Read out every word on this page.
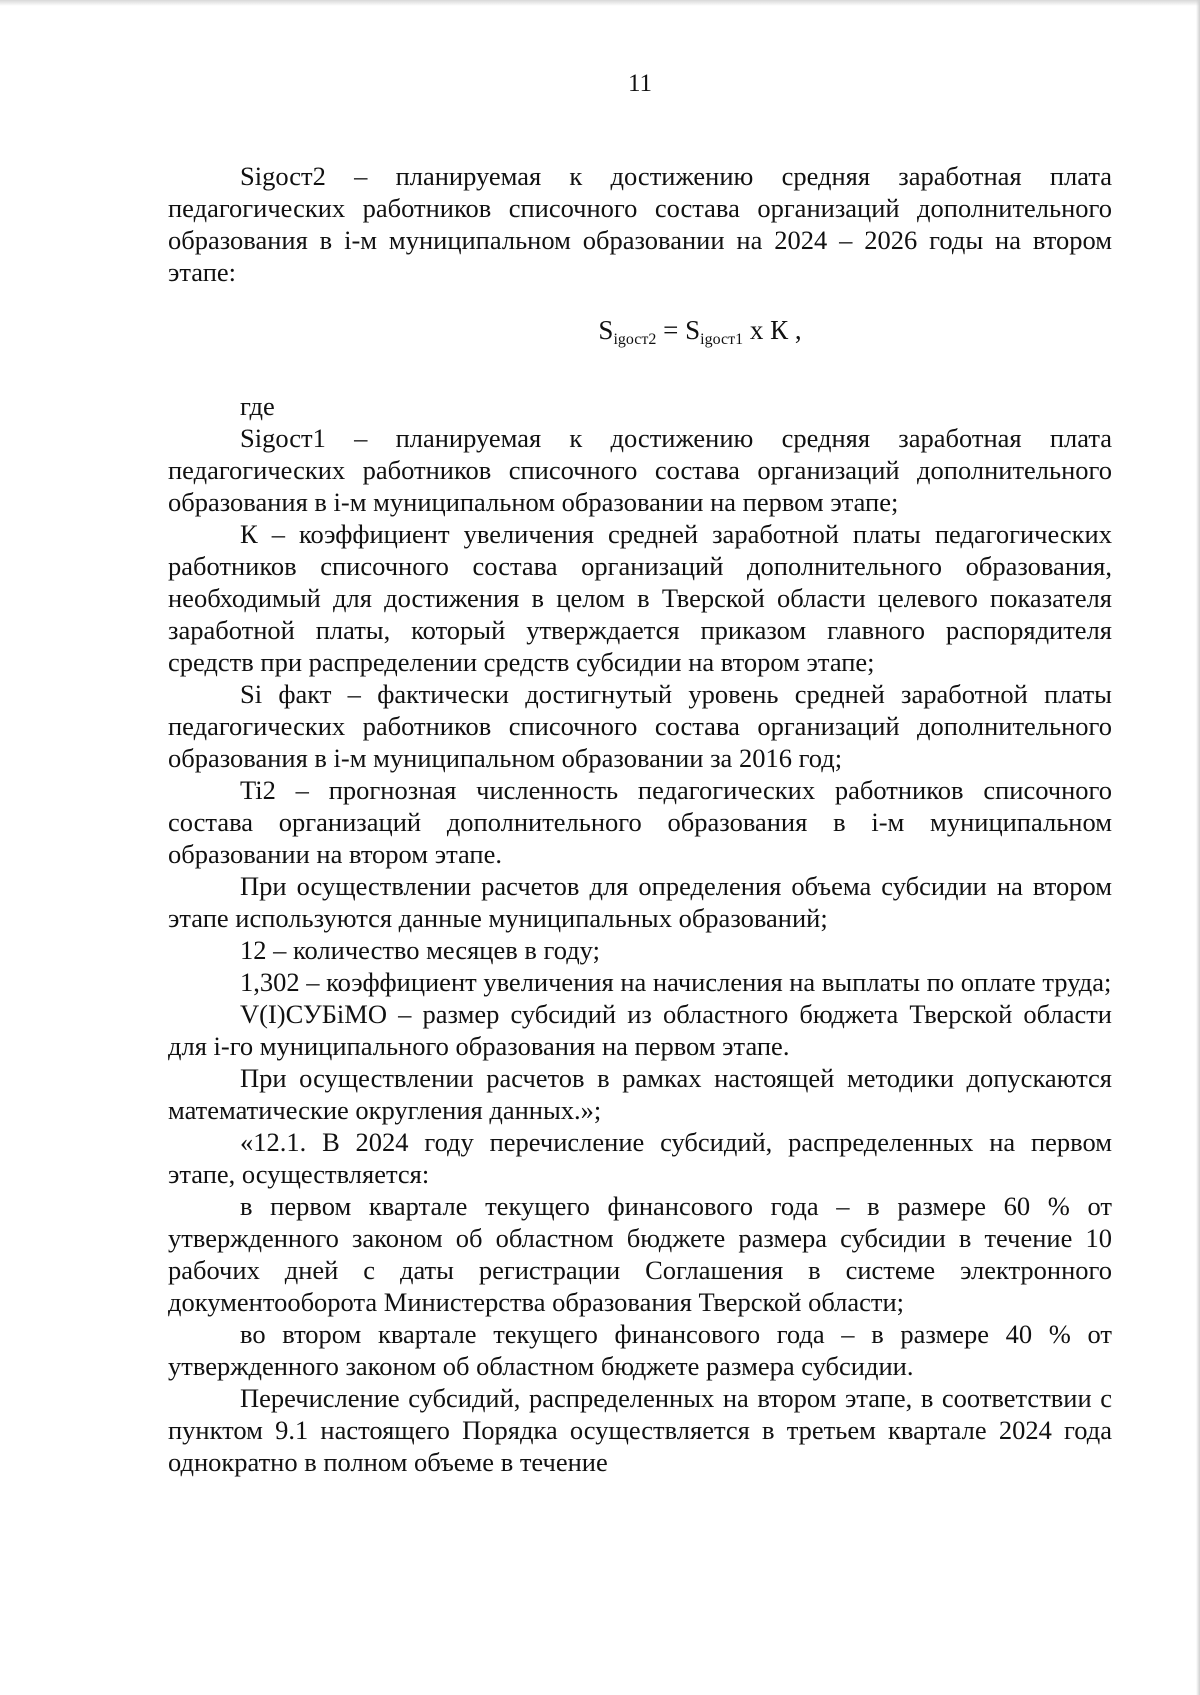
11

Sіgост2 – планируемая к достижению средняя заработная плата педагогических работников списочного состава организаций дополнительного образования в і-м муниципальном образовании на 2024 – 2026 годы на втором этапе:

$S_{іgост2} = S_{іgост1}$ х К ,

где

Sіgост1 – планируемая к достижению средняя заработная плата педагогических работников списочного состава организаций дополнительного образования в і-м муниципальном образовании на первом этапе;

К – коэффициент увеличения средней заработной платы педагогических работников списочного состава организаций дополнительного образования, необходимый для достижения в целом в Тверской области целевого показателя заработной платы, который утверждается приказом главного распорядителя средств при распределении средств субсидии на втором этапе;

Si факт – фактически достигнутый уровень средней заработной платы педагогических работников списочного состава организаций дополнительного образования в і-м муниципальном образовании за 2016 год;

Ti2 – прогнозная численность педагогических работников списочного состава организаций дополнительного образования в і-м муниципальном образовании на втором этапе.

При осуществлении расчетов для определения объема субсидии на втором этапе используются данные муниципальных образований;

12 – количество месяцев в году;

1,302 – коэффициент увеличения на начисления на выплаты по оплате труда;

V(I)СУБіМО – размер субсидий из областного бюджета Тверской области для і-го муниципального образования на первом этапе.

При осуществлении расчетов в рамках настоящей методики допускаются математические округления данных.»;

«12.1. В 2024 году перечисление субсидий, распределенных на первом этапе, осуществляется:

в первом квартале текущего финансового года – в размере 60 % от утвержденного законом об областном бюджете размера субсидии в течение 10 рабочих дней с даты регистрации Соглашения в системе электронного документооборота Министерства образования Тверской области;

во втором квартале текущего финансового года – в размере 40 % от утвержденного законом об областном бюджете размера субсидии.

Перечисление субсидий, распределенных на втором этапе, в соответствии с пунктом 9.1 настоящего Порядка осуществляется в третьем квартале 2024 года однократно в полном объеме в течение
